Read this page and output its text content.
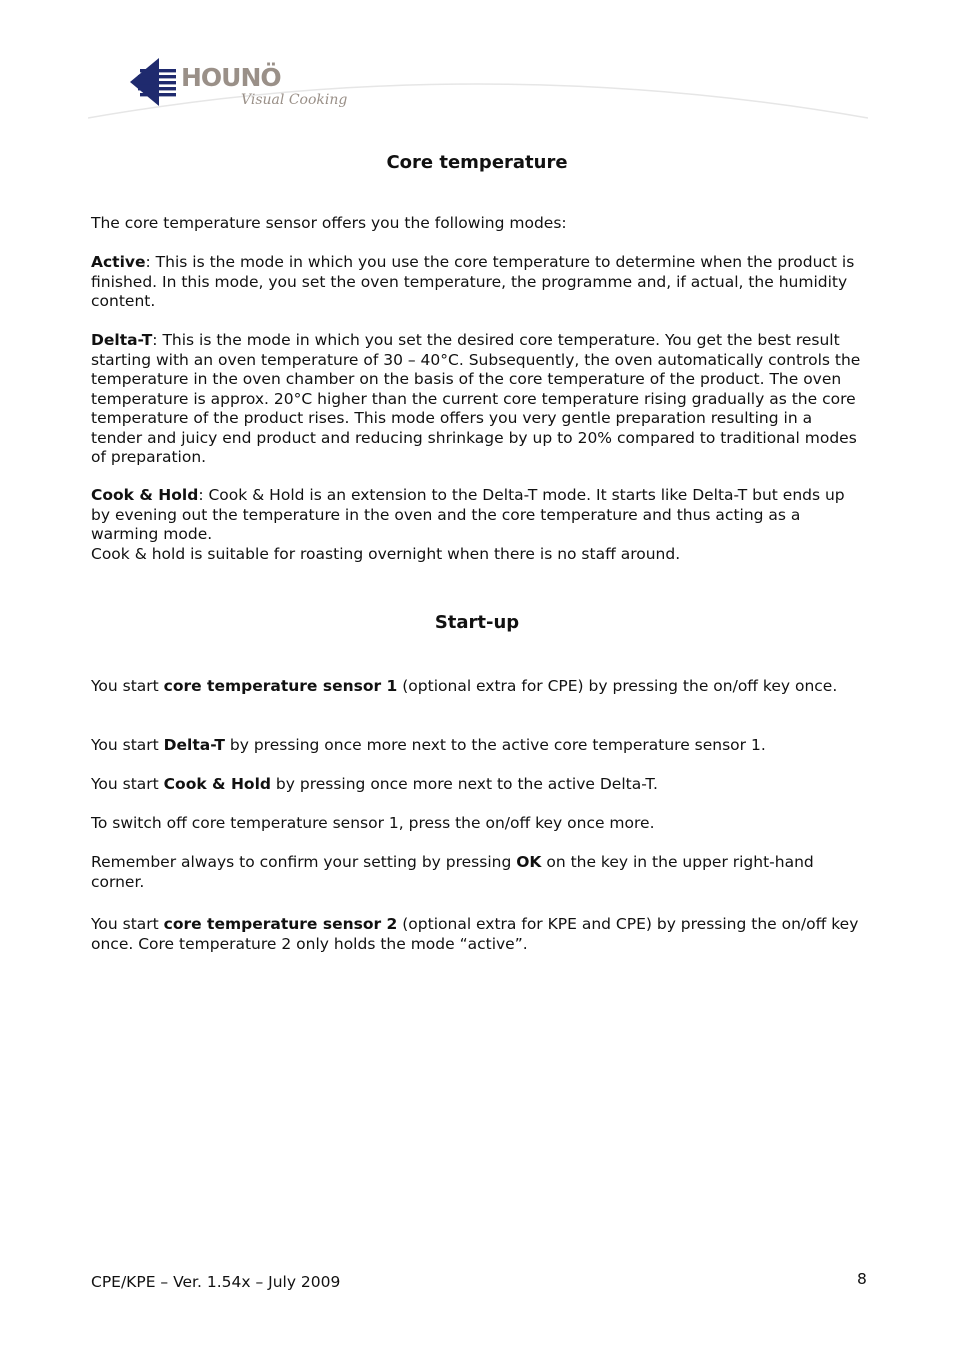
HOUNÖ
Visual Cooking
Core temperature

The core temperature sensor offers you the following modes:

Active: This is the mode in which you use the core temperature to determine when the product is finished. In this mode, you set the oven temperature, the programme and, if actual, the humidity content.

Delta-T: This is the mode in which you set the desired core temperature. You get the best result starting with an oven temperature of 30 – 40°C. Subsequently, the oven automatically controls the temperature in the oven chamber on the basis of the core temperature of the product. The oven temperature is approx. 20°C higher than the current core temperature rising gradually as the core temperature of the product rises. This mode offers you very gentle preparation resulting in a tender and juicy end product and reducing shrinkage by up to 20% compared to traditional modes of preparation.

Cook & Hold: Cook & Hold is an extension to the Delta-T mode. It starts like Delta-T but ends up by evening out the temperature in the oven and the core temperature and thus acting as a warming mode.

Cook & hold is suitable for roasting overnight when there is no staff around.

Start-up

You start core temperature sensor 1 (optional extra for CPE) by pressing the on/off key once.

You start Delta-T by pressing once more next to the active core temperature sensor 1.

You start Cook & Hold by pressing once more next to the active Delta-T.

To switch off core temperature sensor 1, press the on/off key once more.

Remember always to confirm your setting by pressing OK on the key in the upper right-hand corner.

You start core temperature sensor 2 (optional extra for KPE and CPE) by pressing the on/off key once. Core temperature 2 only holds the mode “active”.

CPE/KPE – Ver. 1.54x – July 2009	8
